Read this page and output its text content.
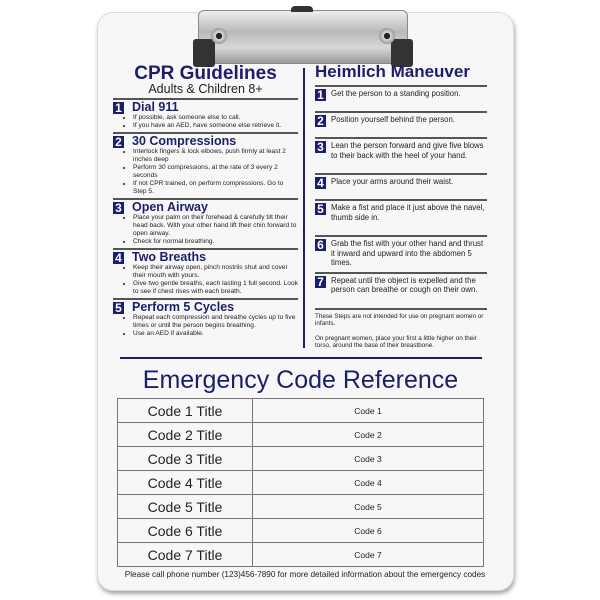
CPR Guidelines
Adults & Children 8+
1 Dial 911
• If possible, ask someone else to call.
• If you have an AED, have someone else retrieve it.
2 30 Compressions
• Interlock fingers & lock elbows, push firmly at least 2 inches deep
• Perform 30 compressions, at the rate of 3 every 2 seconds
• If not CPR trained, on perform compressions. Go to Step 5.
3 Open Airway
• Place your palm on their forehead & carefully tilt their head back. With your other hand lift their chin forward to open airway.
• Check for normal breathing.
4 Two Breaths
• Keep their airway open, pinch nostrils shut and cover their mouth with yours.
• Give two gentle breaths, each lasting 1 full second. Look to see if chest rises with each breath.
5 Perform 5 Cycles
• Repeat each compression and breathe cycles up to five times or until the person begins breathing.
• Use an AED if available.
Heimlich Maneuver
1 Get the person to a standing position.
2 Position yourself behind the person.
3 Lean the person forward and give five blows to their back with the heel of your hand.
4 Place your arms around their waist.
5 Make a fist and place it just above the navel, thumb side in.
6 Grab the fist with your other hand and thrust it inward and upward into the abdomen 5 times.
7 Repeat until the object is expelled and the person can breathe or cough on their own.

These Steps are not intended for use on pregnant women or infants.

On pregnant women, place your first a little higher on their torso, around the base of their breastbone.

Emergency Code Reference
Code 1 Title	Code 1
Code 2 Title	Code 2
Code 3 Title	Code 3
Code 4 Title	Code 4
Code 5 Title	Code 5
Code 6 Title	Code 6
Code 7 Title	Code 7
Please call phone number (123)456-7890 for more detailed information about the emergency codes
